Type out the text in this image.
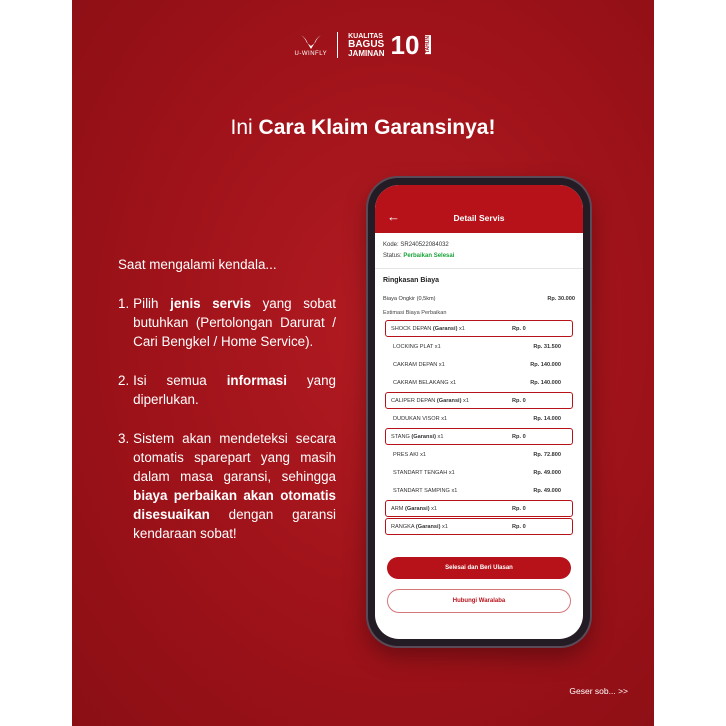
U-WINFLY
KUALITAS
BAGUS
JAMINAN 10 TAHUN
Ini Cara Klaim Garansinya!

Saat mengalami kendala...

1. Pilih jenis servis yang sobat butuhkan (Pertolongan Darurat / Cari Bengkel / Home Service).

2. Isi semua informasi yang diperlukan.

3. Sistem akan mendeteksi secara otomatis sparepart yang masih dalam masa garansi, sehingga biaya perbaikan akan otomatis disesuaikan dengan garansi kendaraan sobat!

←	Detail Servis
Kode: SR240522084032
Status: Perbaikan Selesai
Ringkasan Biaya
Biaya Ongkir (0,5km)	Rp. 30.000
Estimasi Biaya Perbaikan
SHOCK DEPAN (Garansi) x1	Rp. 0
LOCKING PLAT x1	Rp. 31.500
CAKRAM DEPAN x1	Rp. 140.000
CAKRAM BELAKANG x1	Rp. 140.000
CALIPER DEPAN (Garansi) x1	Rp. 0
DUDUKAN VISOR x1	Rp. 14.000
STANG (Garansi) x1	Rp. 0
PRES AKI x1	Rp. 72.800
STANDART TENGAH x1	Rp. 49.000
STANDART SAMPING x1	Rp. 49.000
ARM (Garansi) x1	Rp. 0
RANGKA (Garansi) x1	Rp. 0
Selesai dan Beri Ulasan
Hubungi Waralaba
Geser sob... >>
